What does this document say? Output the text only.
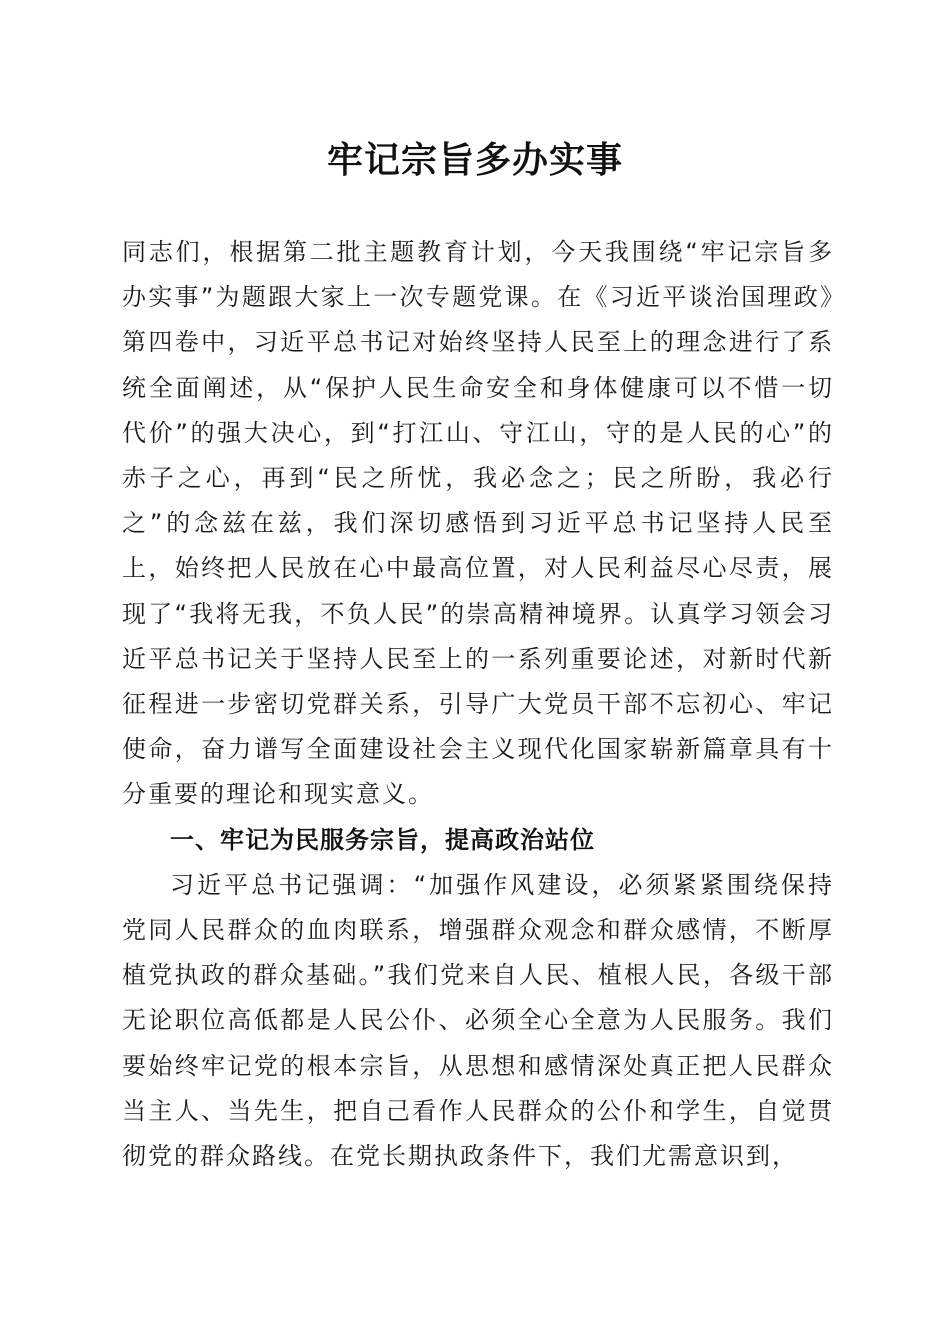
牢记宗旨多办实事

同志们，根据第二批主题教育计划，今天我围绕“牢记宗旨多办实事”为题跟大家上一次专题党课。在《习近平谈治国理政》第四卷中，习近平总书记对始终坚持人民至上的理念进行了系统全面阐述，从“保护人民生命安全和身体健康可以不惜一切代价”的强大决心，到“打江山、守江山，守的是人民的心”的赤子之心，再到“民之所忧，我必念之；民之所盼，我必行之”的念兹在兹，我们深切感悟到习近平总书记坚持人民至上，始终把人民放在心中最高位置，对人民利益尽心尽责，展现了“我将无我，不负人民”的崇高精神境界。认真学习领会习近平总书记关于坚持人民至上的一系列重要论述，对新时代新征程进一步密切党群关系，引导广大党员干部不忘初心、牢记使命，奋力谱写全面建设社会主义现代化国家崭新篇章具有十分重要的理论和现实意义。

一、牢记为民服务宗旨，提高政治站位

习近平总书记强调：“加强作风建设，必须紧紧围绕保持党同人民群众的血肉联系，增强群众观念和群众感情，不断厚植党执政的群众基础。”我们党来自人民、植根人民，各级干部无论职位高低都是人民公仆、必须全心全意为人民服务。我们要始终牢记党的根本宗旨，从思想和感情深处真正把人民群众当主人、当先生，把自己看作人民群众的公仆和学生，自觉贯彻党的群众路线。在党长期执政条件下，我们尤需意识到，
